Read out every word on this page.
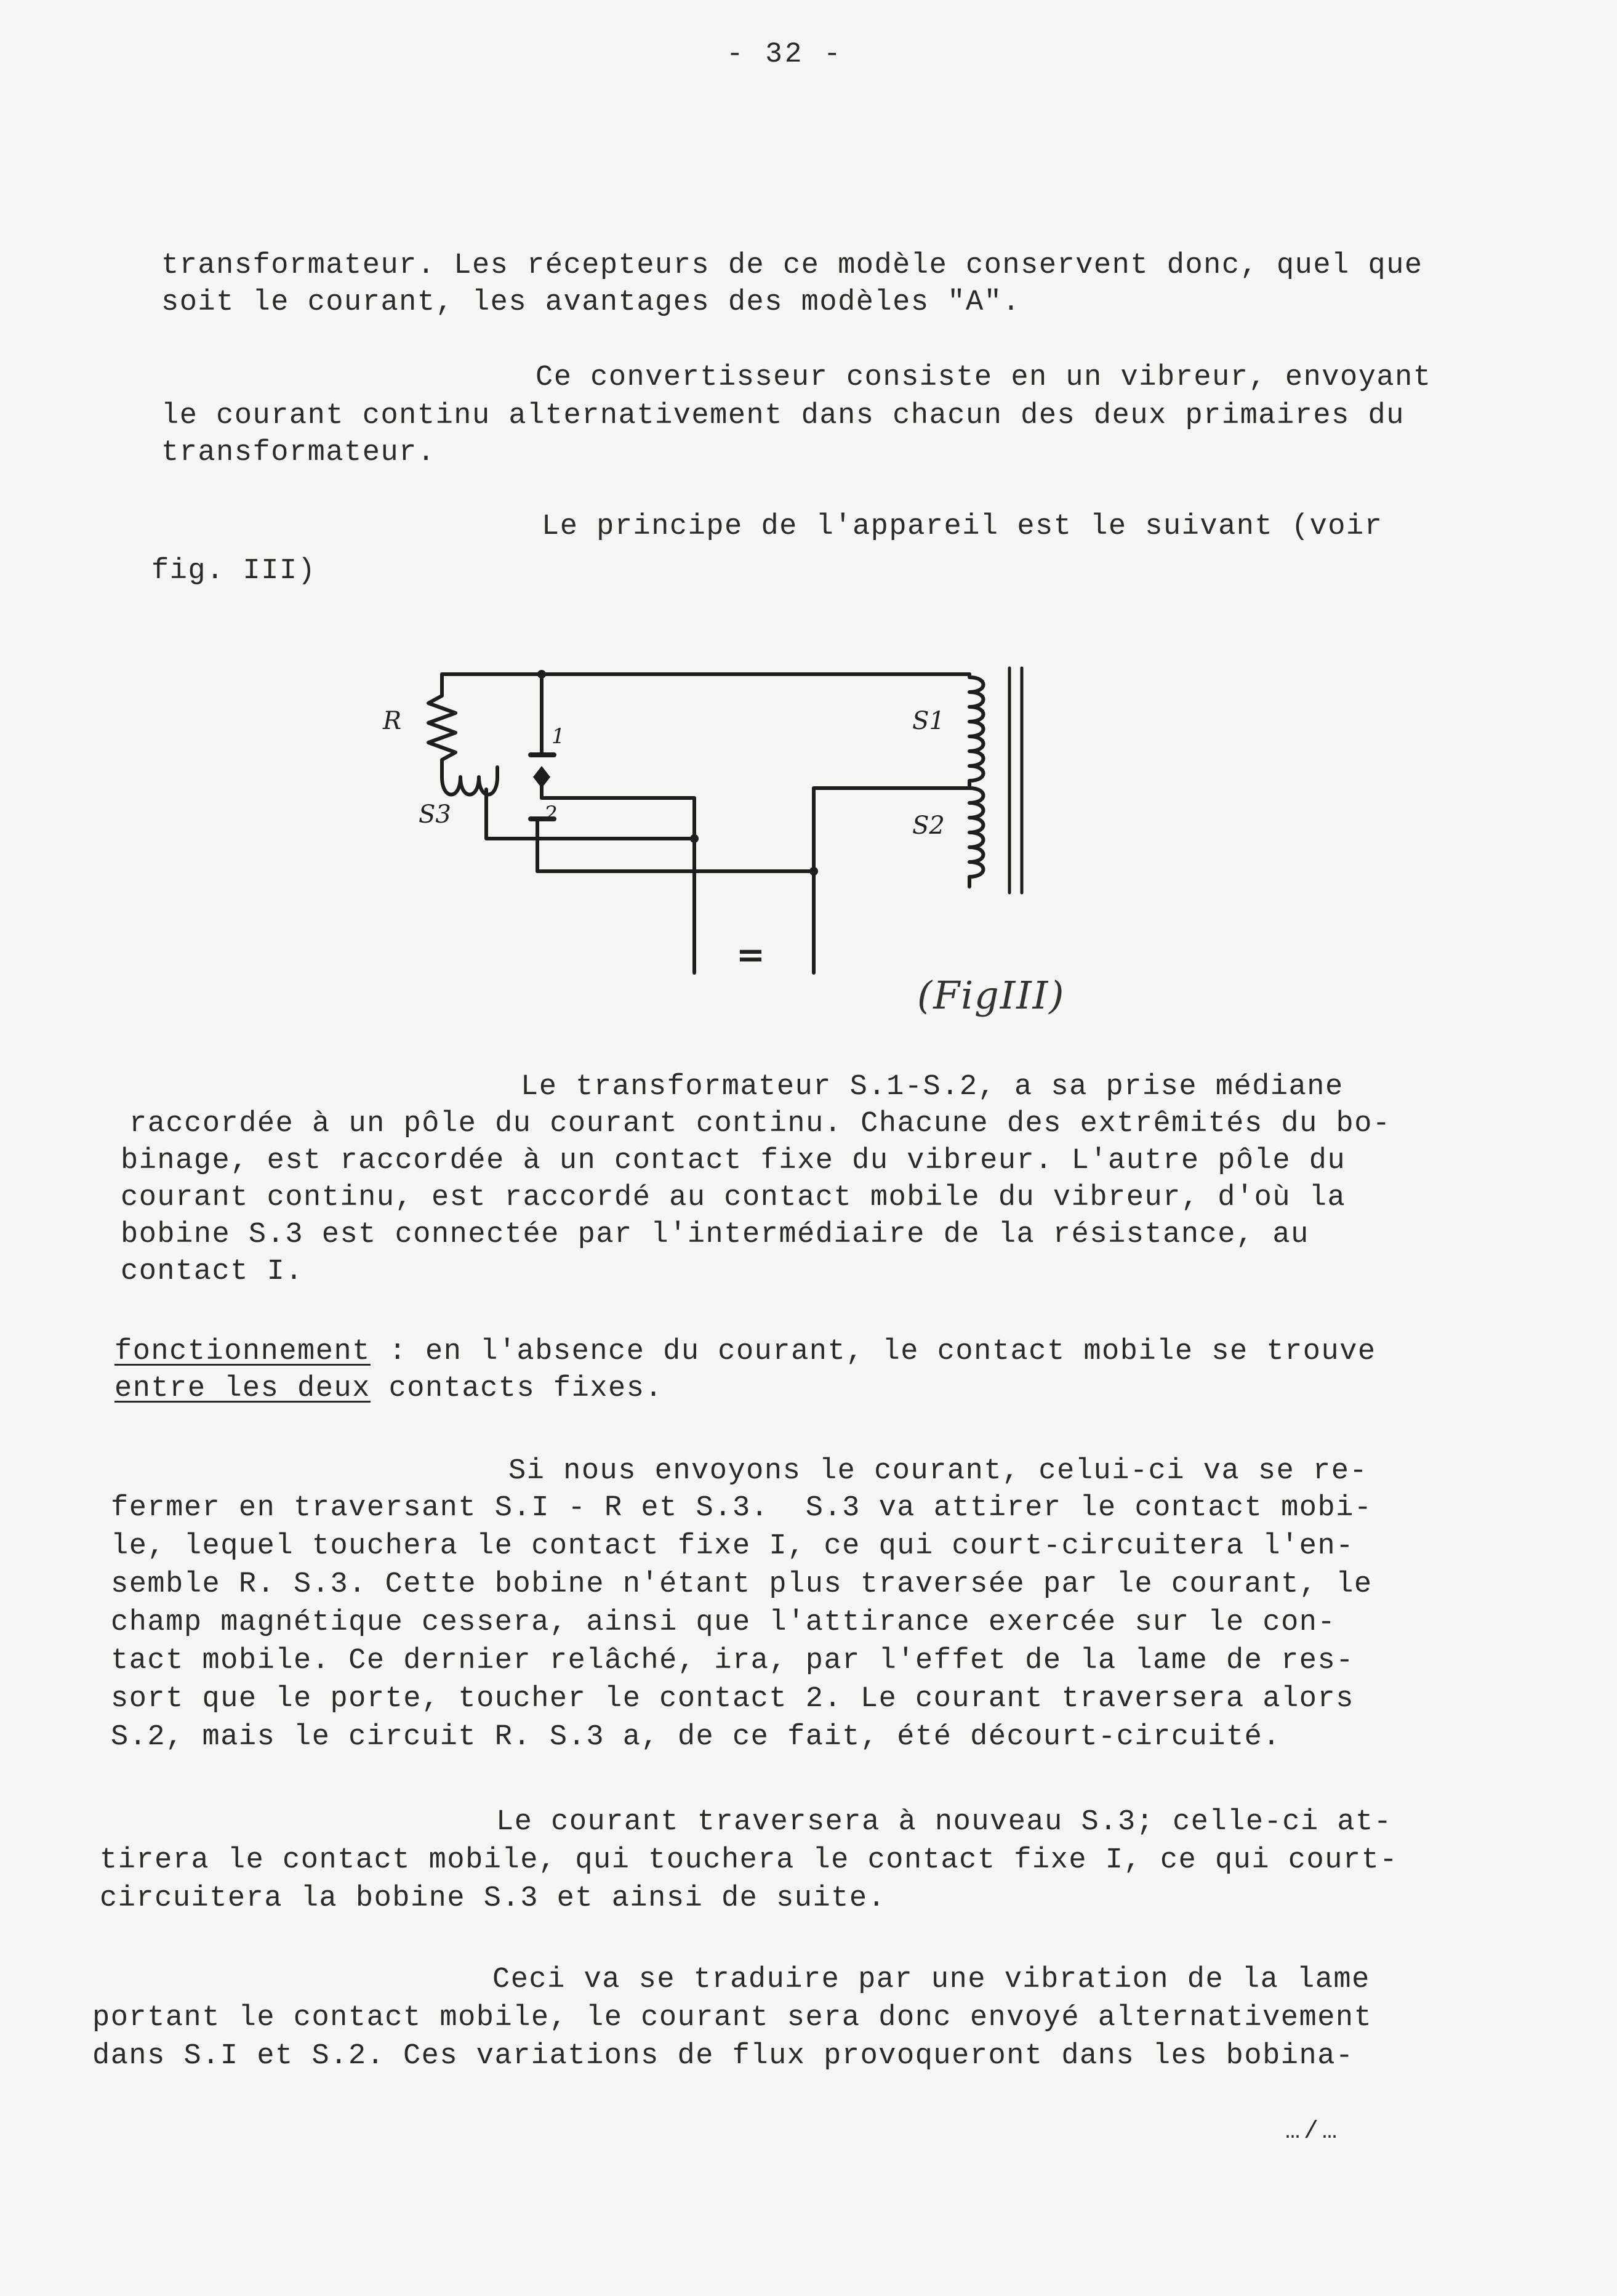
- 32 -
transformateur. Les récepteurs de ce modèle conservent donc, quel que
soit le courant, les avantages des modèles "A".
Ce convertisseur consiste en un vibreur, envoyant
le courant continu alternativement dans chacun des deux primaires du
transformateur.
Le principe de l'appareil est le suivant (voir
fig. III)
R
S3
1
2
S1
S2
=
(FigIII)
Le transformateur S.1-S.2, a sa prise médiane
raccordée à un pôle du courant continu. Chacune des extrêmités du bo-
binage, est raccordée à un contact fixe du vibreur. L'autre pôle du
courant continu, est raccordé au contact mobile du vibreur, d'où la
bobine S.3 est connectée par l'intermédiaire de la résistance, au
contact I.
fonctionnement : en l'absence du courant, le contact mobile se trouve
entre les deux contacts fixes.
Si nous envoyons le courant, celui-ci va se re-
fermer en traversant S.I - R et S.3.  S.3 va attirer le contact mobi-
le, lequel touchera le contact fixe I, ce qui court-circuitera l'en-
semble R. S.3. Cette bobine n'étant plus traversée par le courant, le
champ magnétique cessera, ainsi que l'attirance exercée sur le con-
tact mobile. Ce dernier relâché, ira, par l'effet de la lame de res-
sort que le porte, toucher le contact 2. Le courant traversera alors
S.2, mais le circuit R. S.3 a, de ce fait, été décourt-circuité.
Le courant traversera à nouveau S.3; celle-ci at-
tirera le contact mobile, qui touchera le contact fixe I, ce qui court-
circuitera la bobine S.3 et ainsi de suite.
Ceci va se traduire par une vibration de la lame
portant le contact mobile, le courant sera donc envoyé alternativement
dans S.I et S.2. Ces variations de flux provoqueront dans les bobina-
…/…
